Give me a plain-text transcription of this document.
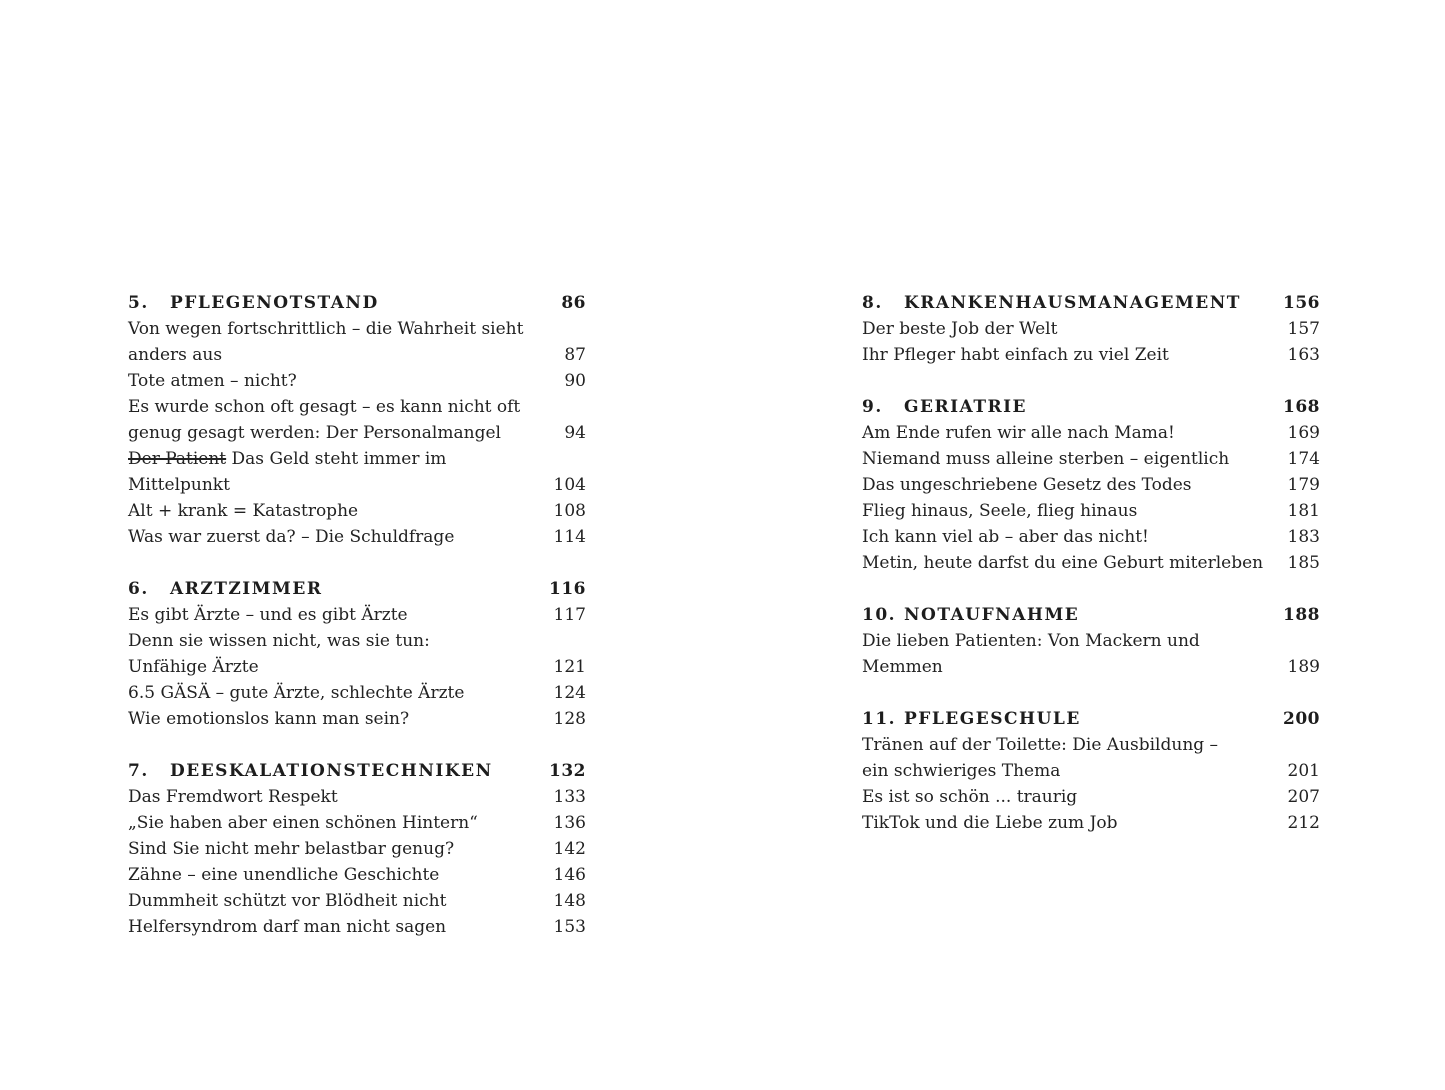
5.	PFLEGENOTSTAND	86
Von wegen fortschrittlich – die Wahrheit sieht
anders aus	87
Tote atmen – nicht?	90
Es wurde schon oft gesagt – es kann nicht oft
genug gesagt werden: Der Personalmangel	94
Der Patient Das Geld steht immer im Mittelpunkt	104
Alt + krank = Katastrophe	108
Was war zuerst da? – Die Schuldfrage	114
6.	ARZTZIMMER	116
Es gibt Ärzte – und es gibt Ärzte	117
Denn sie wissen nicht, was sie tun:
Unfähige Ärzte	121
6.5 GÄSÄ – gute Ärzte, schlechte Ärzte	124
Wie emotionslos kann man sein?	128
7.	DEESKALATIONSTECHNIKEN	132
Das Fremdwort Respekt	133
„Sie haben aber einen schönen Hintern“	136
Sind Sie nicht mehr belastbar genug?	142
Zähne – eine unendliche Geschichte	146
Dummheit schützt vor Blödheit nicht	148
Helfersyndrom darf man nicht sagen	153
8.	KRANKENHAUSMANAGEMENT	156
Der beste Job der Welt	157
Ihr Pfleger habt einfach zu viel Zeit	163
9.	GERIATRIE	168
Am Ende rufen wir alle nach Mama!	169
Niemand muss alleine sterben – eigentlich	174
Das ungeschriebene Gesetz des Todes	179
Flieg hinaus, Seele, flieg hinaus	181
Ich kann viel ab – aber das nicht!	183
Metin, heute darfst du eine Geburt miterleben	185
10. NOTAUFNAHME	188
Die lieben Patienten: Von Mackern und
Memmen	189
11. PFLEGESCHULE	200
Tränen auf der Toilette: Die Ausbildung –
ein schwieriges Thema	201
Es ist so schön ... traurig	207
TikTok und die Liebe zum Job	212
